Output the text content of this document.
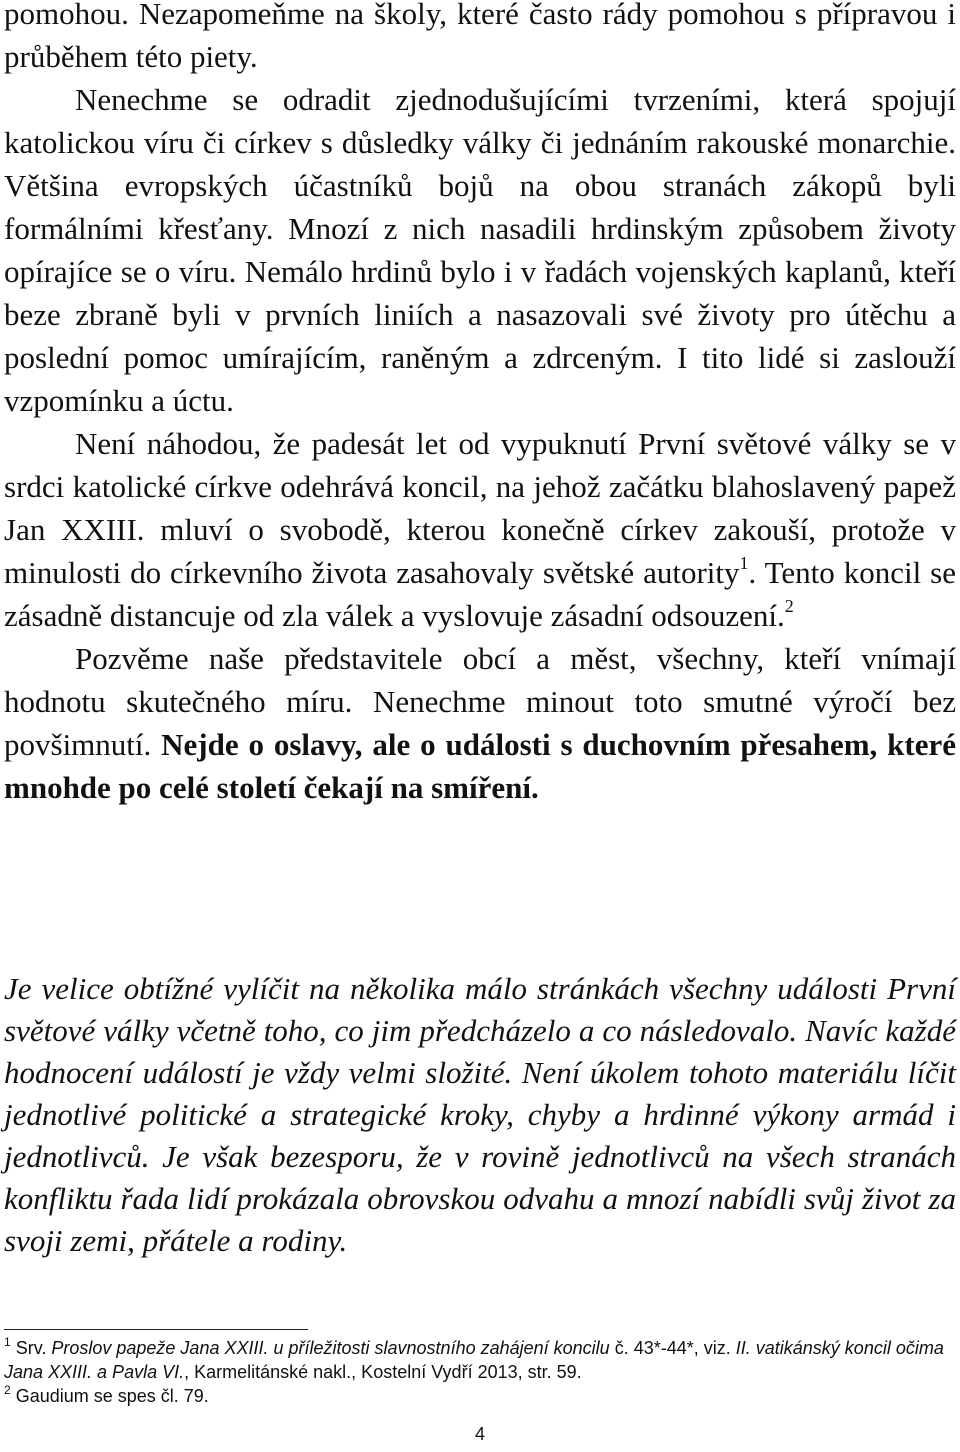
pomohou. Nezapomeňme na školy, které často rády pomohou s přípravou i průběhem této piety.

Nenechme se odradit zjednodušujícími tvrzeními, která spojují katolickou víru či církev s důsledky války či jednáním rakouské monarchie. Většina evropských účastníků bojů na obou stranách zákopů byli formálními křesťany. Mnozí z nich nasadili hrdinským způsobem životy opírajíce se o víru. Nemálo hrdinů bylo i v řadách vojenských kaplanů, kteří beze zbraně byli v prvních liniích a nasazovali své životy pro útěchu a poslední pomoc umírajícím, raněným a zdrceným. I tito lidé si zaslouží vzpomínku a úctu.

Není náhodou, že padesát let od vypuknutí První světové války se v srdci katolické církve odehrává koncil, na jehož začátku blahoslavený papež Jan XXIII. mluví o svobodě, kterou konečně církev zakouší, protože v minulosti do církevního života zasahovaly světské autority$^1$. Tento koncil se zásadně distancuje od zla válek a vyslovuje zásadní odsouzení.$^2$

Pozvěme naše představitele obcí a měst, všechny, kteří vnímají hodnotu skutečného míru. Nenechme minout toto smutné výročí bez povšimnutí. Nejde o oslavy, ale o události s duchovním přesahem, které mnohde po celé století čekají na smíření.

Je velice obtížné vylíčit na několika málo stránkách všechny události První světové války včetně toho, co jim předcházelo a co následovalo. Navíc každé hodnocení událostí je vždy velmi složité. Není úkolem tohoto materiálu líčit jednotlivé politické a strategické kroky, chyby a hrdinné výkony armád i jednotlivců. Je však bezesporu, že v rovině jednotlivců na všech stranách konfliktu řada lidí prokázala obrovskou odvahu a mnozí nabídli svůj život za svoji zemi, přátele a rodiny.

$^1$ Srv. Proslov papeže Jana XXIII. u příležitosti slavnostního zahájení koncilu č. 43*-44*, viz. II. vatikánský koncil očima Jana XXIII. a Pavla VI., Karmelitánské nakl., Kostelní Vydří 2013, str. 59.

$^2$ Gaudium se spes čl. 79.

4
